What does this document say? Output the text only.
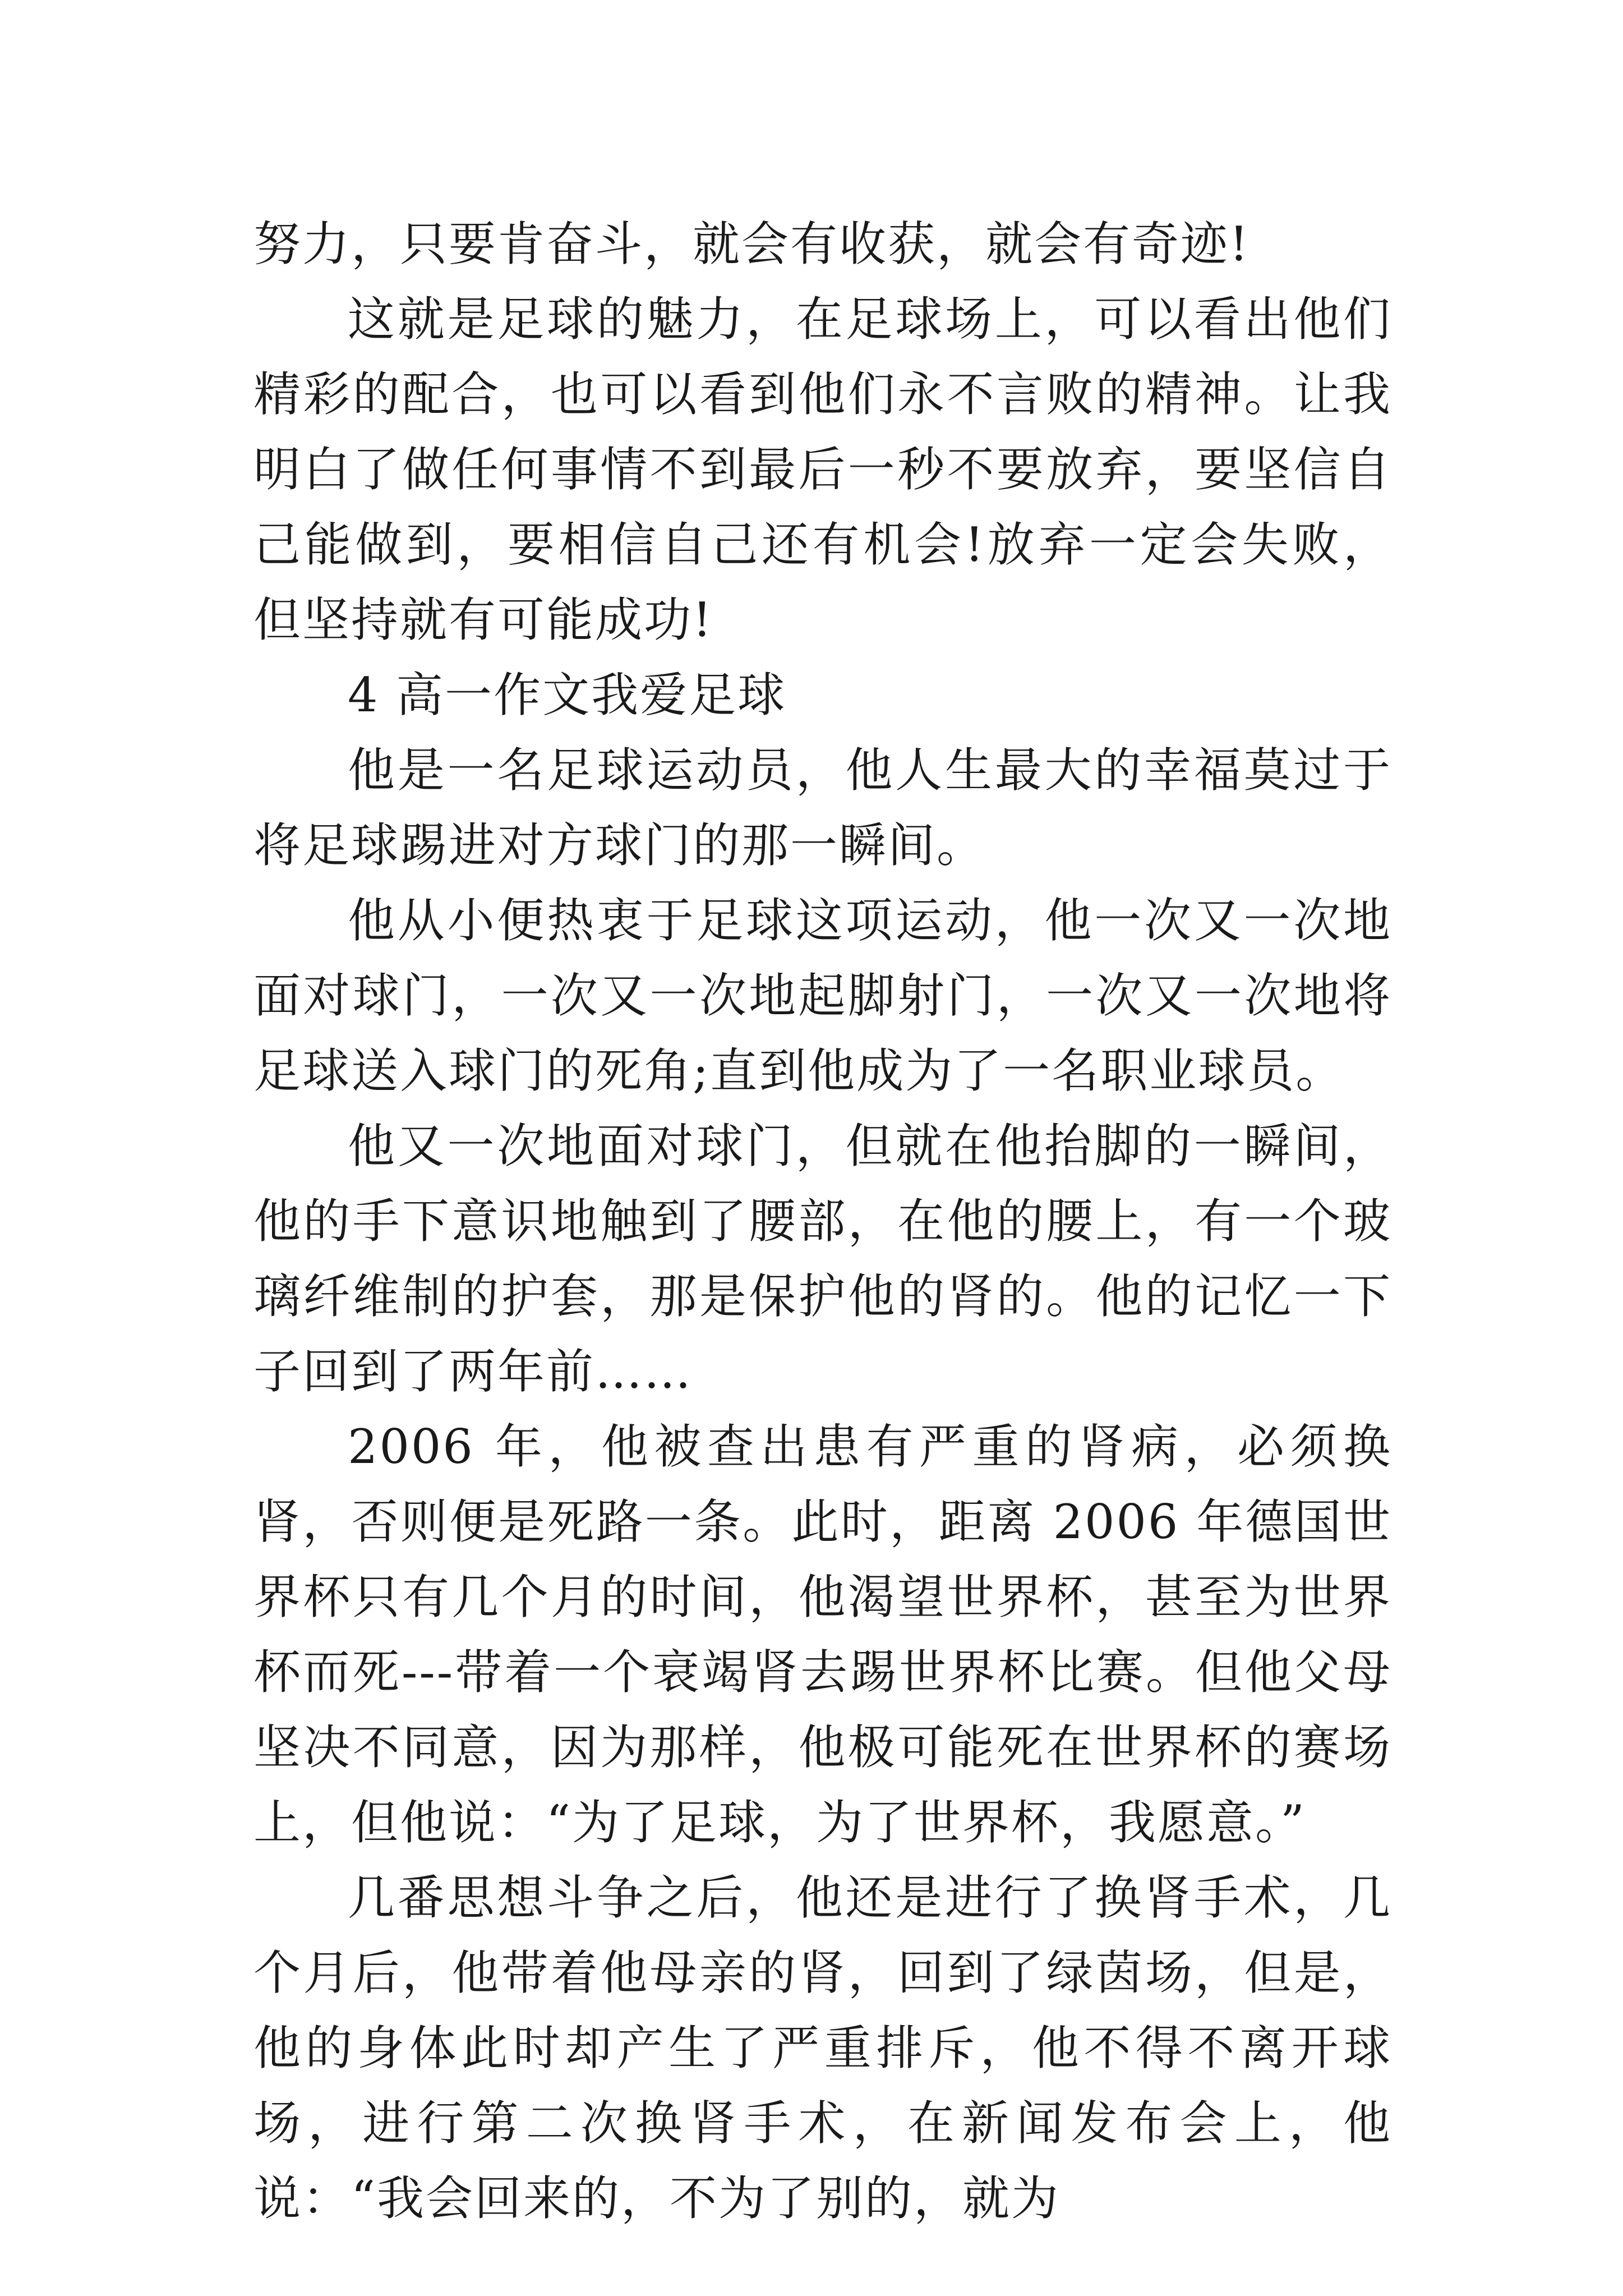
努力，只要肯奋斗，就会有收获，就会有奇迹!

这就是足球的魅力，在足球场上，可以看出他们精彩的配合，也可以看到他们永不言败的精神。让我明白了做任何事情不到最后一秒不要放弃，要坚信自己能做到，要相信自己还有机会!放弃一定会失败，但坚持就有可能成功!

4 高一作文我爱足球

他是一名足球运动员，他人生最大的幸福莫过于将足球踢进对方球门的那一瞬间。

他从小便热衷于足球这项运动，他一次又一次地面对球门，一次又一次地起脚射门，一次又一次地将足球送入球门的死角;直到他成为了一名职业球员。

他又一次地面对球门，但就在他抬脚的一瞬间，他的手下意识地触到了腰部，在他的腰上，有一个玻璃纤维制的护套，那是保护他的肾的。他的记忆一下子回到了两年前……

2006 年，他被查出患有严重的肾病，必须换肾，否则便是死路一条。此时，距离 2006 年德国世界杯只有几个月的时间，他渴望世界杯，甚至为世界杯而死---带着一个衰竭肾去踢世界杯比赛。但他父母坚决不同意，因为那样，他极可能死在世界杯的赛场上，但他说：“为了足球，为了世界杯，我愿意。”

几番思想斗争之后，他还是进行了换肾手术，几个月后，他带着他母亲的肾，回到了绿茵场，但是，他的身体此时却产生了严重排斥，他不得不离开球场，进行第二次换肾手术，在新闻发布会上，他说：“我会回来的，不为了别的，就为
